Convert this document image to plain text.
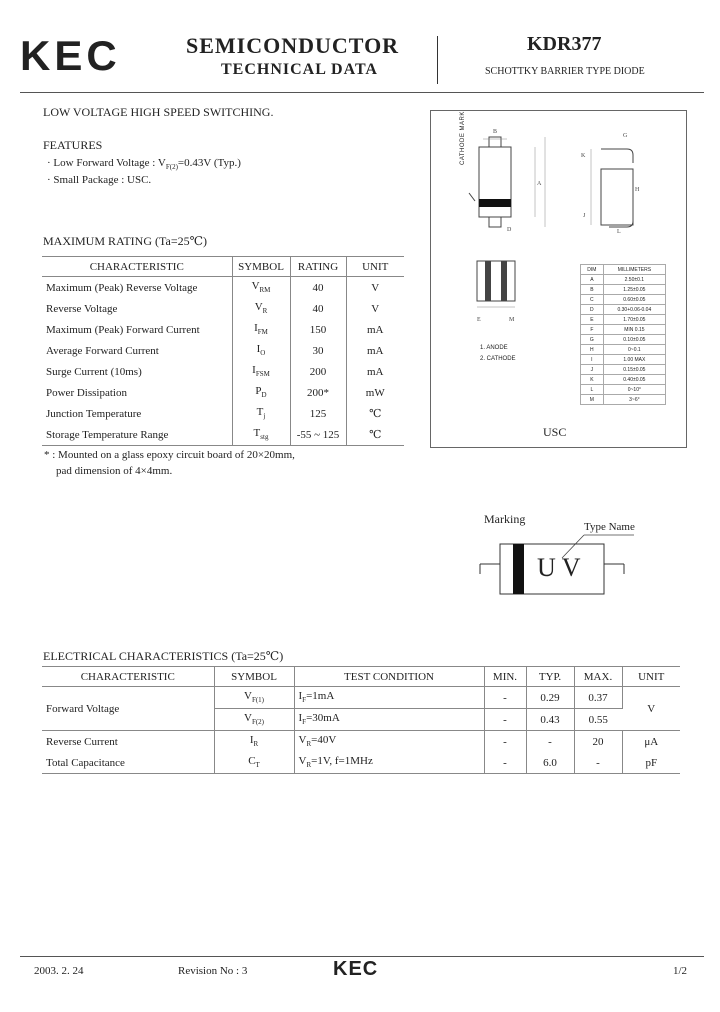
KEC	SEMICONDUCTOR
TECHNICAL DATA
KDR377
SCHOTTKY BARRIER TYPE DIODE
LOW VOLTAGE HIGH SPEED SWITCHING.
FEATURES
· Low Forward Voltage : $V_{F(2)}=0.43V$ (Typ.)
· Small Package : USC.
MAXIMUM RATING (Ta=25℃)
CHARACTERISTIC	SYMBOL	RATING	UNIT
Maximum (Peak) Reverse Voltage	$V_{RM}$	40	V
Reverse Voltage	$V_R$	40	V
Maximum (Peak) Forward Current	$I_{FM}$	150	mA
Average Forward Current	$I_O$	30	mA
Surge Current (10ms)	$I_{FSM}$	200	mA
Power Dissipation	$P_D$	200*	mW
Junction Temperature	$T_j$	125	℃
Storage Temperature Range	$T_{stg}$	-55 ~ 125	℃
* : Mounted on a glass epoxy circuit board of 20×20mm,
pad dimension of 4×4mm.
B
A
D
G
K
H
J
L
E	M
CATHODE MARK
1. ANODE
2. CATHODE
DIM	MILLIMETERS
A	2.50±0.1
B	1.25±0.05
C	0.60±0.05
D	0.30+0.06-0.04
E	1.70±0.05
F	MIN 0.15
G	0.10±0.05
H	0~0.1
I	1.00 MAX
J	0.15±0.05
K	0.40±0.05
L	0~10°
M	3~6°
USC
Marking
Type Name
U V
ELECTRICAL CHARACTERISTICS (Ta=25℃)
CHARACTERISTIC	SYMBOL	TEST CONDITION	MIN.	TYP.	MAX.	UNIT
Forward Voltage	$V_{F(1)}$	$I_F=1mA$	-	0.29	0.37	V
	$V_{F(2)}$	$I_F=30mA$	-	0.43	0.55	
Reverse Current	$I_R$	$V_R=40V$	-	-	20	μA
Total Capacitance	$C_T$	$V_R=1V$, f=1MHz	-	6.0	-	pF
2003. 2. 24	Revision No : 3	KEC	1/2
